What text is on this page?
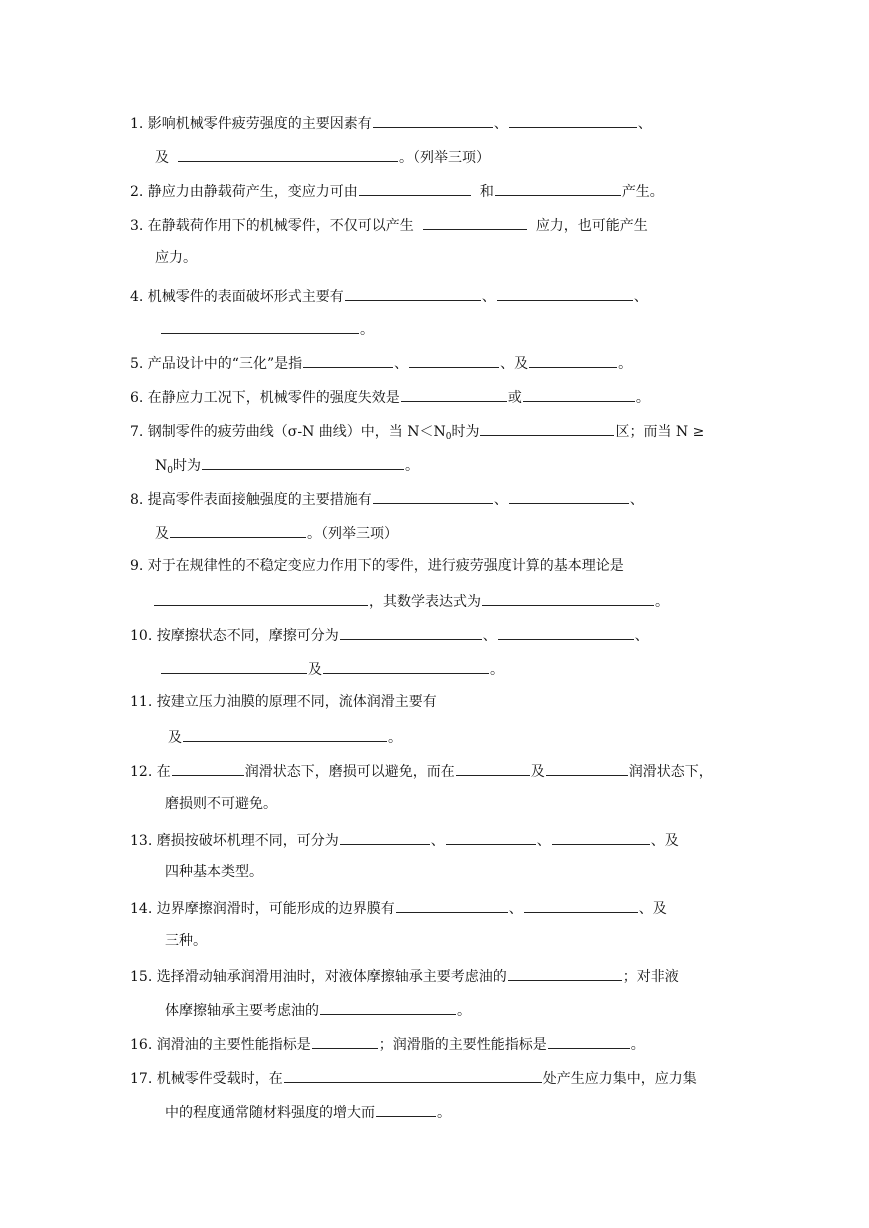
1. 影响机械零件疲劳强度的主要因素有	、	、
及	。（列举三项）
2. 静应力由静载荷产生，变应力可由	和	产生。
3. 在静载荷作用下的机械零件，不仅可以产生	应力，也可能产生
应力。
4. 机械零件的表面破坏形式主要有	、	、
。
5. 产品设计中的“三化”是指	、	、及	。
6. 在静应力工况下，机械零件的强度失效是	或	。
7. 钢制零件的疲劳曲线（σ-N 曲线）中，当 $N<N_0$时为	区；而当 N ≥
$N_0$时为	。
8. 提高零件表面接触强度的主要措施有	、	、
及	。（列举三项）
9. 对于在规律性的不稳定变应力作用下的零件，进行疲劳强度计算的基本理论是
，其数学表达式为	。
10. 按摩擦状态不同，摩擦可分为	、	、
及	。
11. 按建立压力油膜的原理不同，流体润滑主要有
及	。
12. 在	润滑状态下，磨损可以避免，而在	及	润滑状态下，
磨损则不可避免。
13. 磨损按破坏机理不同，可分为	、	、	、及
四种基本类型。
14. 边界摩擦润滑时，可能形成的边界膜有	、	、及
三种。
15. 选择滑动轴承润滑用油时，对液体摩擦轴承主要考虑油的	；对非液
体摩擦轴承主要考虑油的	。
16. 润滑油的主要性能指标是	；润滑脂的主要性能指标是	。
17. 机械零件受载时，在	处产生应力集中，应力集
中的程度通常随材料强度的增大而	。
